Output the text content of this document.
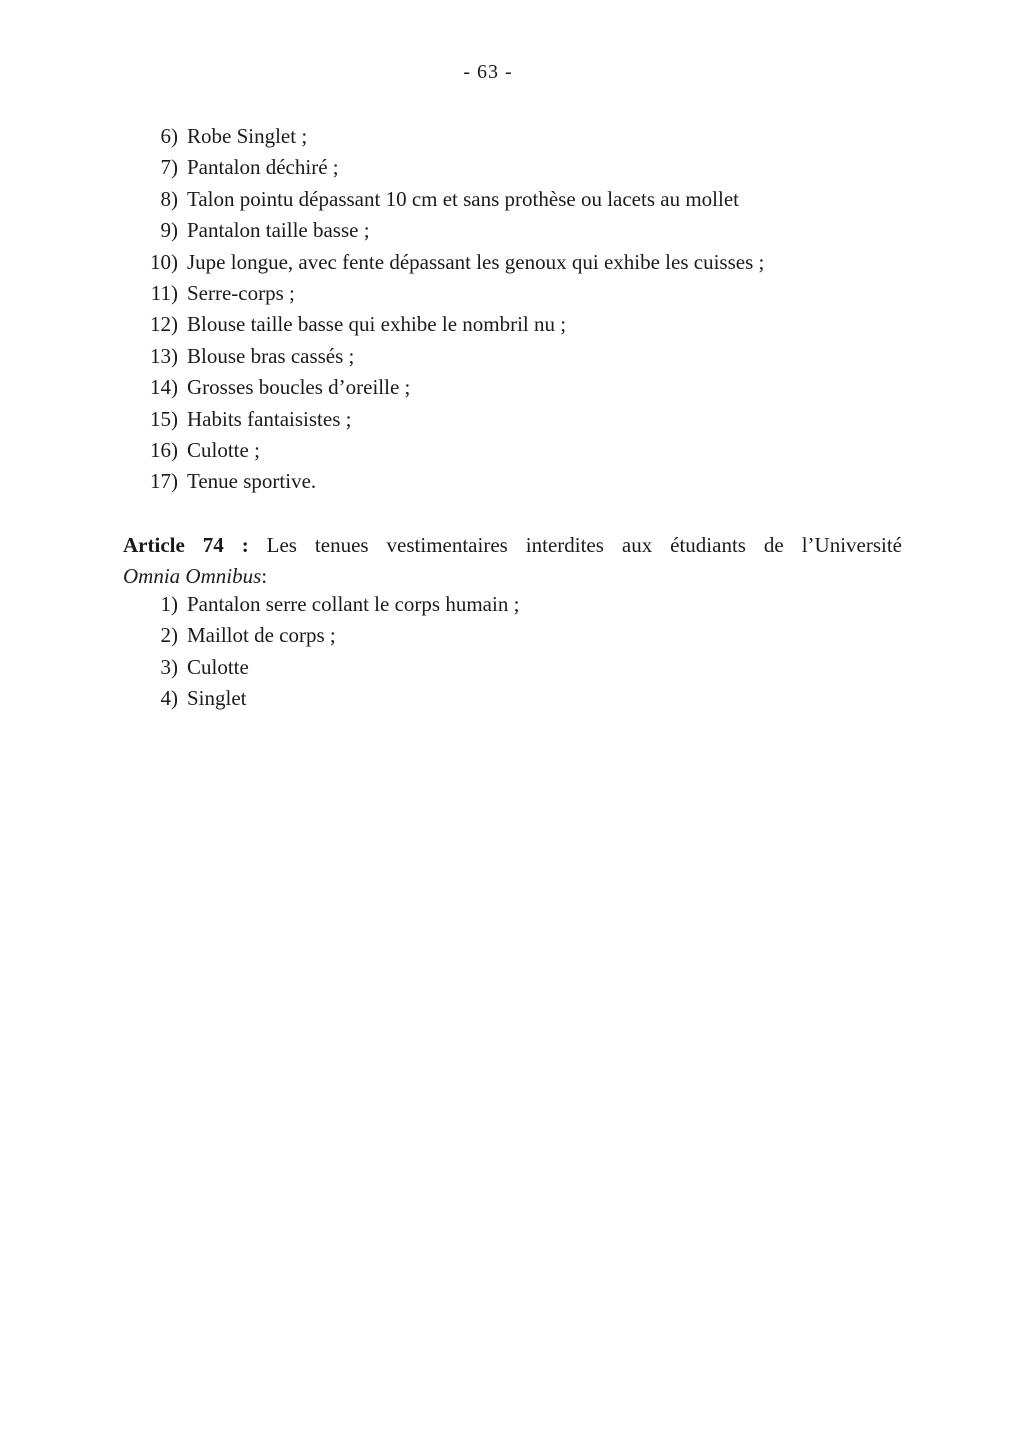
- 63 -
6) Robe Singlet ;
7) Pantalon déchiré ;
8) Talon pointu dépassant 10 cm et sans prothèse ou lacets au mollet
9) Pantalon taille basse ;
10) Jupe longue, avec fente dépassant les genoux qui exhibe les cuisses ;
11) Serre-corps ;
12) Blouse taille basse qui exhibe le nombril nu ;
13) Blouse bras cassés ;
14) Grosses boucles d’oreille ;
15) Habits fantaisistes ;
16) Culotte ;
17) Tenue sportive.
Article 74 : Les tenues vestimentaires interdites aux étudiants de l’Université
Omnia Omnibus:
1) Pantalon serre collant le corps humain ;
2) Maillot de corps ;
3) Culotte
4) Singlet
